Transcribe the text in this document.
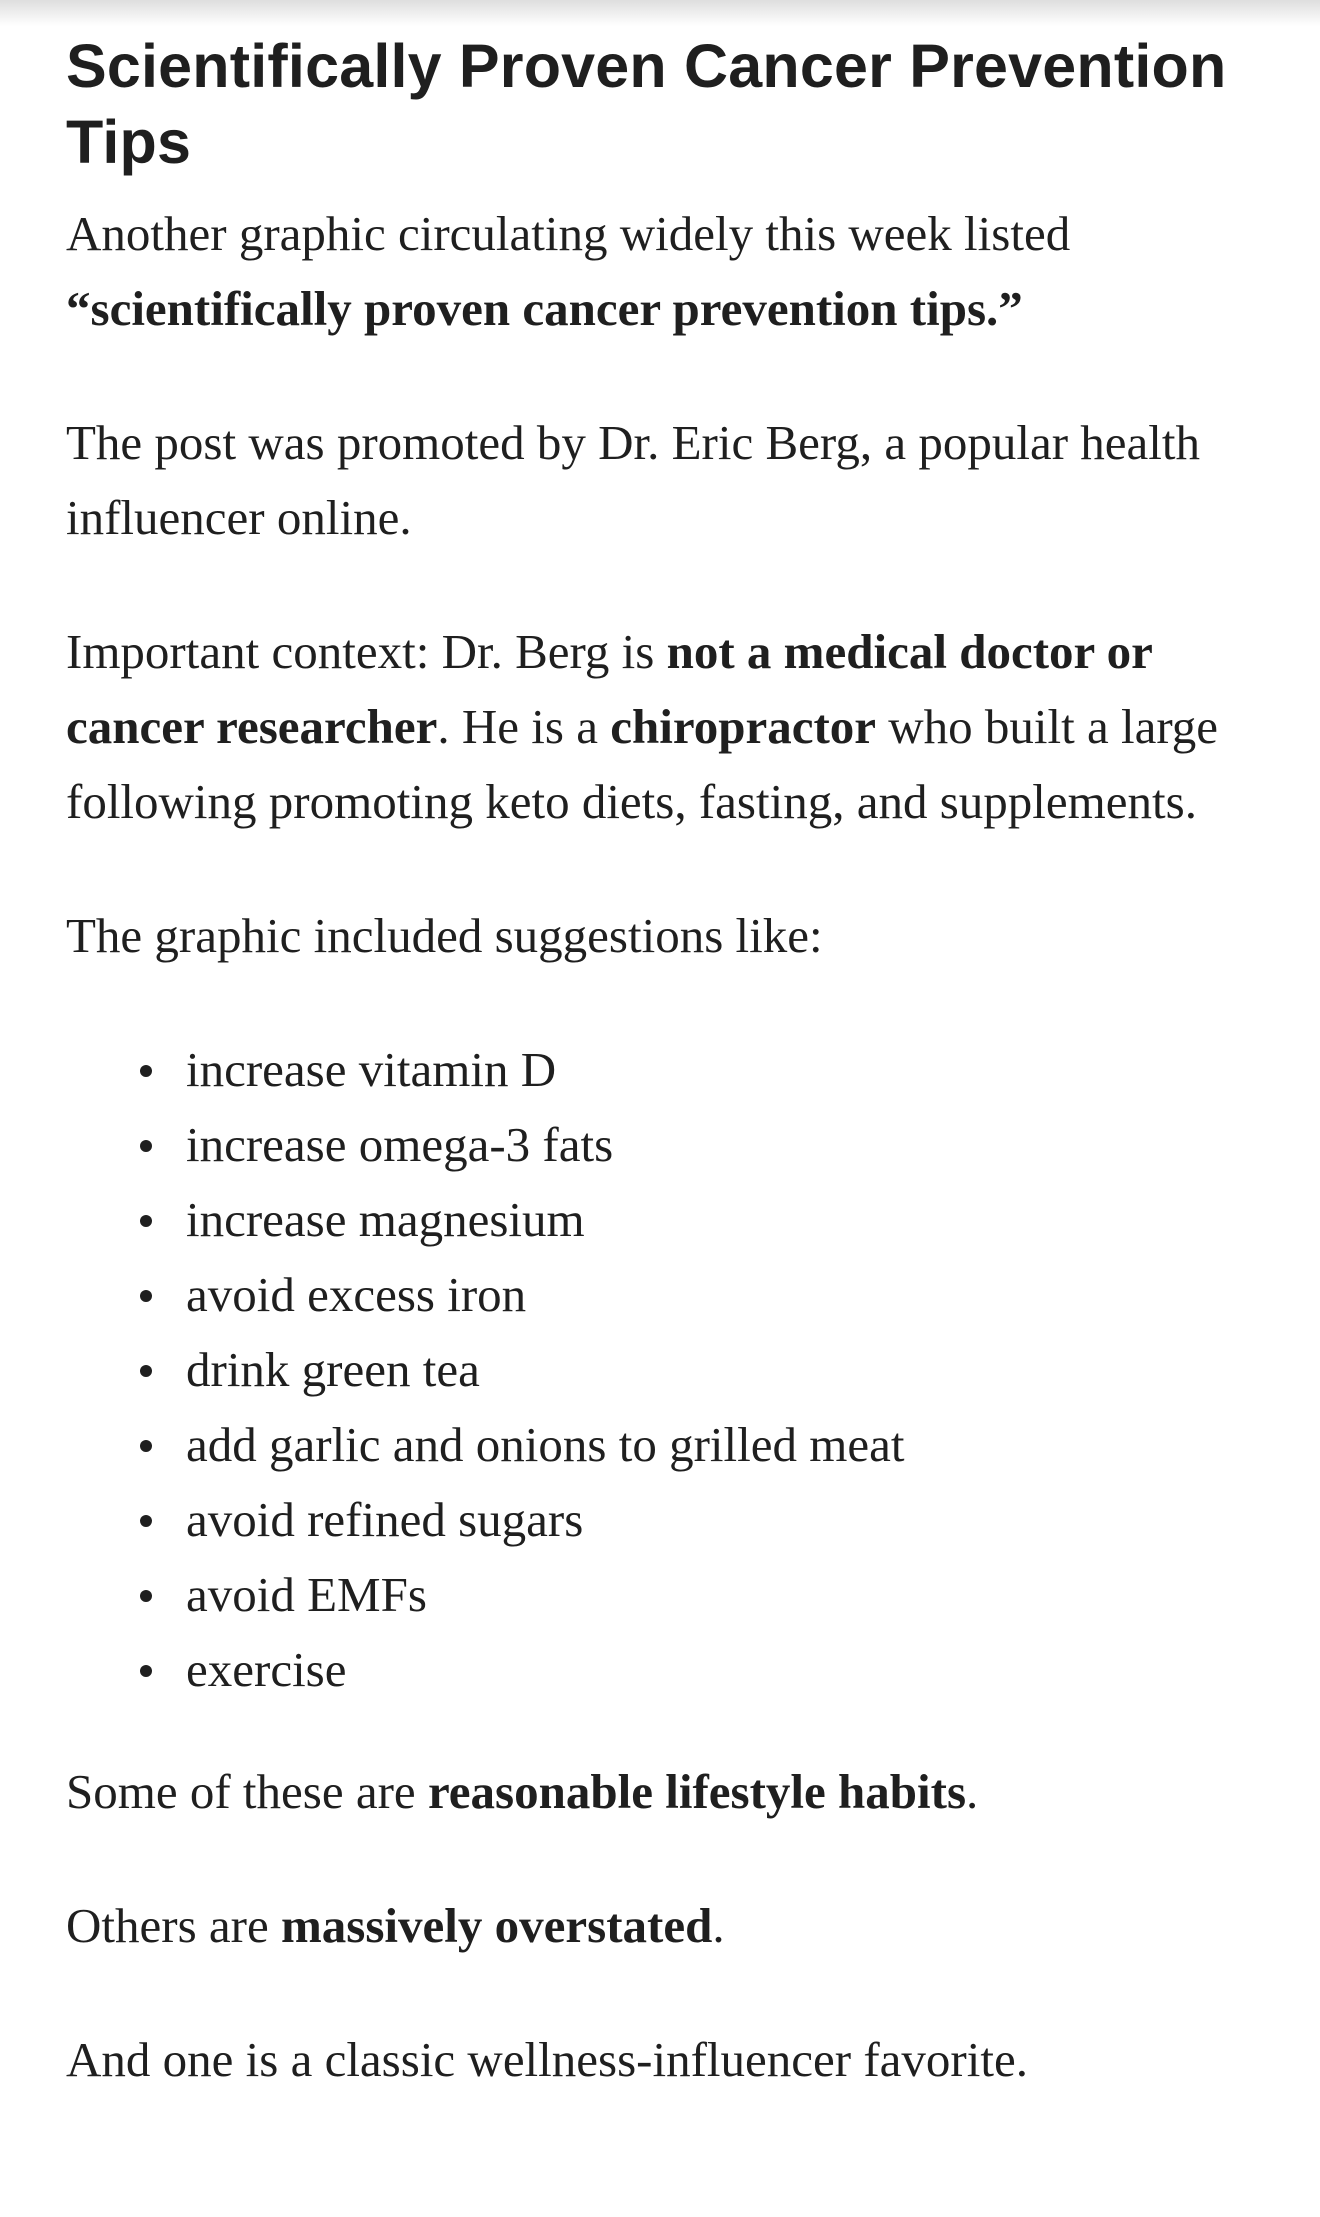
Scientifically Proven Cancer Prevention Tips

Another graphic circulating widely this week listed “scientifically proven cancer prevention tips.”

The post was promoted by Dr. Eric Berg, a popular health influencer online.

Important context: Dr. Berg is not a medical doctor or cancer researcher. He is a chiropractor who built a large following promoting keto diets, fasting, and supplements.

The graphic included suggestions like:

increase vitamin D
increase omega-3 fats
increase magnesium
avoid excess iron
drink green tea
add garlic and onions to grilled meat
avoid refined sugars
avoid EMFs
exercise

Some of these are reasonable lifestyle habits.

Others are massively overstated.

And one is a classic wellness-influencer favorite.
